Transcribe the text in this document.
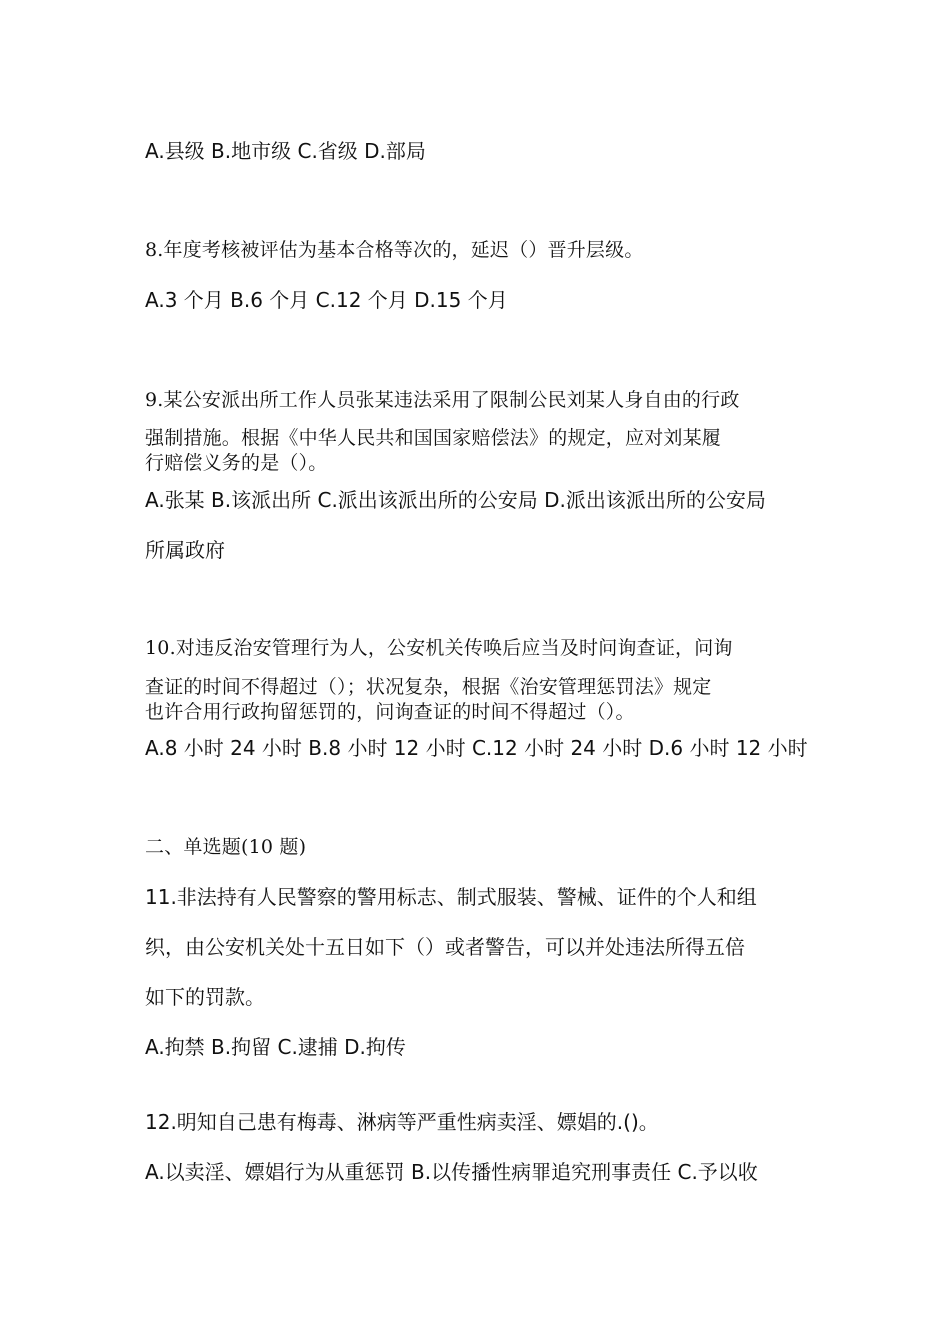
A.县级 B.地市级 C.省级 D.部局
8.年度考核被评估为基本合格等次的，延迟（）晋升层级。
A.3 个月 B.6 个月 C.12 个月 D.15 个月
9.某公安派出所工作人员张某违法采用了限制公民刘某人身自由的行政
强制措施。根据《中华人民共和国国家赔偿法》的规定，应对刘某履
行赔偿义务的是（）。
A.张某 B.该派出所 C.派出该派出所的公安局 D.派出该派出所的公安局
所属政府
10.对违反治安管理行为人，公安机关传唤后应当及时问询查证，问询
查证的时间不得超过（）；状况复杂，根据《治安管理惩罚法》规定
也许合用行政拘留惩罚的，问询查证的时间不得超过（）。
A.8 小时 24 小时 B.8 小时 12 小时 C.12 小时 24 小时 D.6 小时 12 小时
二、单选题(10 题)
11.非法持有人民警察的警用标志、制式服装、警械、证件的个人和组
织，由公安机关处十五日如下（）或者警告，可以并处违法所得五倍
如下的罚款。
A.拘禁 B.拘留 C.逮捕 D.拘传
12.明知自己患有梅毒、淋病等严重性病卖淫、嫖娼的.()。
A.以卖淫、嫖娼行为从重惩罚 B.以传播性病罪追究刑事责任 C.予以收
